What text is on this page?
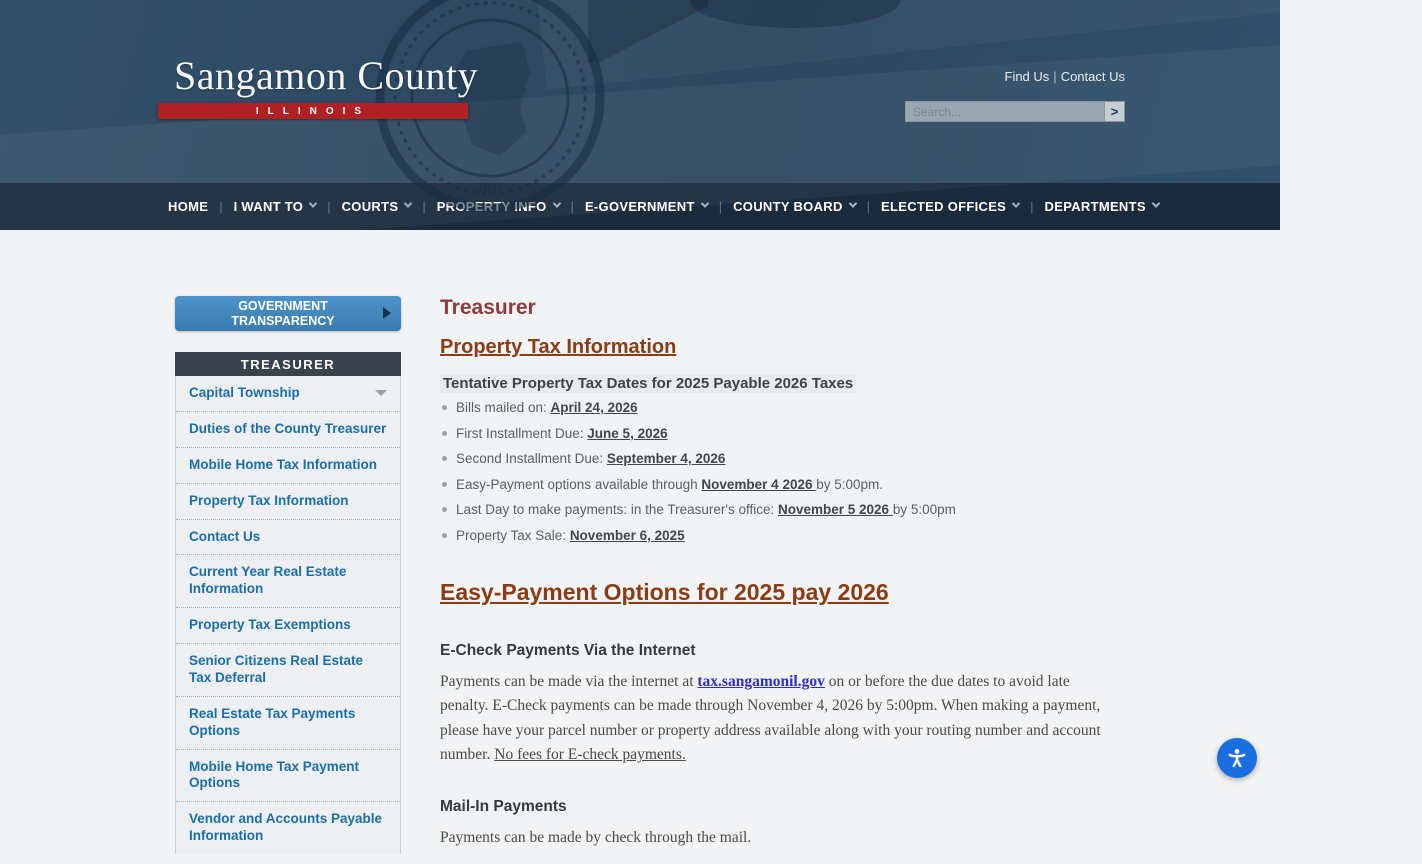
·1821·
Sangamon County
ILLINOIS
Find Us | Contact Us
Search...
>
HOME | I WANT TO | COURTS | PROPERTY INFO | E-GOVERNMENT | COUNTY BOARD | ELECTED OFFICES | DEPARTMENTS
GOVERNMENT TRANSPARENCY
TREASURER
Capital Township
Duties of the County Treasurer
Mobile Home Tax Information
Property Tax Information
Contact Us
Current Year Real Estate Information
Property Tax Exemptions
Senior Citizens Real Estate Tax Deferral
Real Estate Tax Payments Options
Mobile Home Tax Payment Options
Vendor and Accounts Payable Information
Treasurer
Property Tax Information
Tentative Property Tax Dates for 2025 Payable 2026 Taxes
Bills mailed on: April 24, 2026
First Installment Due: June 5, 2026
Second Installment Due: September 4, 2026
Easy-Payment options available through November 4 2026 by 5:00pm.
Last Day to make payments: in the Treasurer's office: November 5 2026 by 5:00pm
Property Tax Sale: November 6, 2025
Easy-Payment Options for 2025 pay 2026
E-Check Payments Via the Internet

Payments can be made via the internet at tax.sangamonil.gov on or before the due dates to avoid late penalty. E-Check payments can be made through November 4, 2026 by 5:00pm. When making a payment, please have your parcel number or property address available along with your routing number and account number. No fees for E-check payments.

Mail-In Payments

Payments can be made by check through the mail.
